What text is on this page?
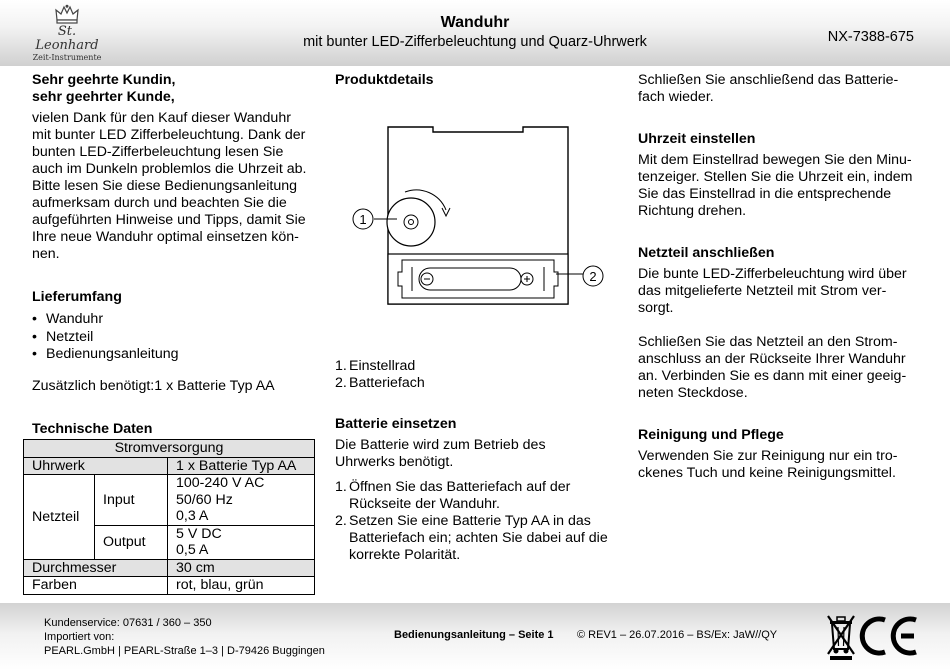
St. Leonhard
Zeit-Instrumente
Wanduhr
mit bunter LED-Zifferbeleuchtung und Quarz-Uhrwerk	NX-7388-675
Sehr geehrte Kundin,
sehr geehrter Kunde,

vielen Dank für den Kauf dieser Wanduhr

mit bunter LED Zifferbeleuchtung. Dank der

bunten LED-Zifferbeleuchtung lesen Sie

auch im Dunkeln problemlos die Uhrzeit ab.

Bitte lesen Sie diese Bedienungsanleitung

aufmerksam durch und beachten Sie die

aufgeführten Hinweise und Tipps, damit Sie

Ihre neue Wanduhr optimal einsetzen kön-

nen.

Lieferumfang
• Wanduhr
• Netzteil
• Bedienungsanleitung

Zusätzlich benötigt:1 x Batterie Typ AA

Technische Daten
Stromversorgung		
Uhrwerk		1 x Batterie Typ AA
Netzteil	Input	100-240 V AC
50/60 Hz
0,3 A

	Output	5 V DC
0,5 A

Durchmesser		30 cm
Farben		rot, blau, grün
Produktdetails
1
2
1. Einstellrad
2. Batteriefach
Batterie einsetzen

Die Batterie wird zum Betrieb des

Uhrwerks benötigt.

1. Öffnen Sie das Batteriefach auf der
Rückseite der Wanduhr.
2. Setzen Sie eine Batterie Typ AA in das
Batteriefach ein; achten Sie dabei auf die
korrekte Polarität.

Schließen Sie anschließend das Batterie-

fach wieder.

Uhrzeit einstellen

Mit dem Einstellrad bewegen Sie den Minu-

tenzeiger. Stellen Sie die Uhrzeit ein, indem

Sie das Einstellrad in die entsprechende

Richtung drehen.

Netzteil anschließen

Die bunte LED-Zifferbeleuchtung wird über

das mitgelieferte Netzteil mit Strom ver-

sorgt.

Schließen Sie das Netzteil an den Strom-

anschluss an der Rückseite Ihrer Wanduhr

an. Verbinden Sie es dann mit einer geeig-

neten Steckdose.

Reinigung und Pflege

Verwenden Sie zur Reinigung nur ein tro-

ckenes Tuch und keine Reinigungsmittel.

Kundenservice: 07631 / 360 – 350
Importiert von:
PEARL.GmbH | PEARL-Straße 1–3 | D-79426 Buggingen
Bedienungsanleitung – Seite 1 © REV1 – 26.07.2016 – BS/Ex: JaW//QY
